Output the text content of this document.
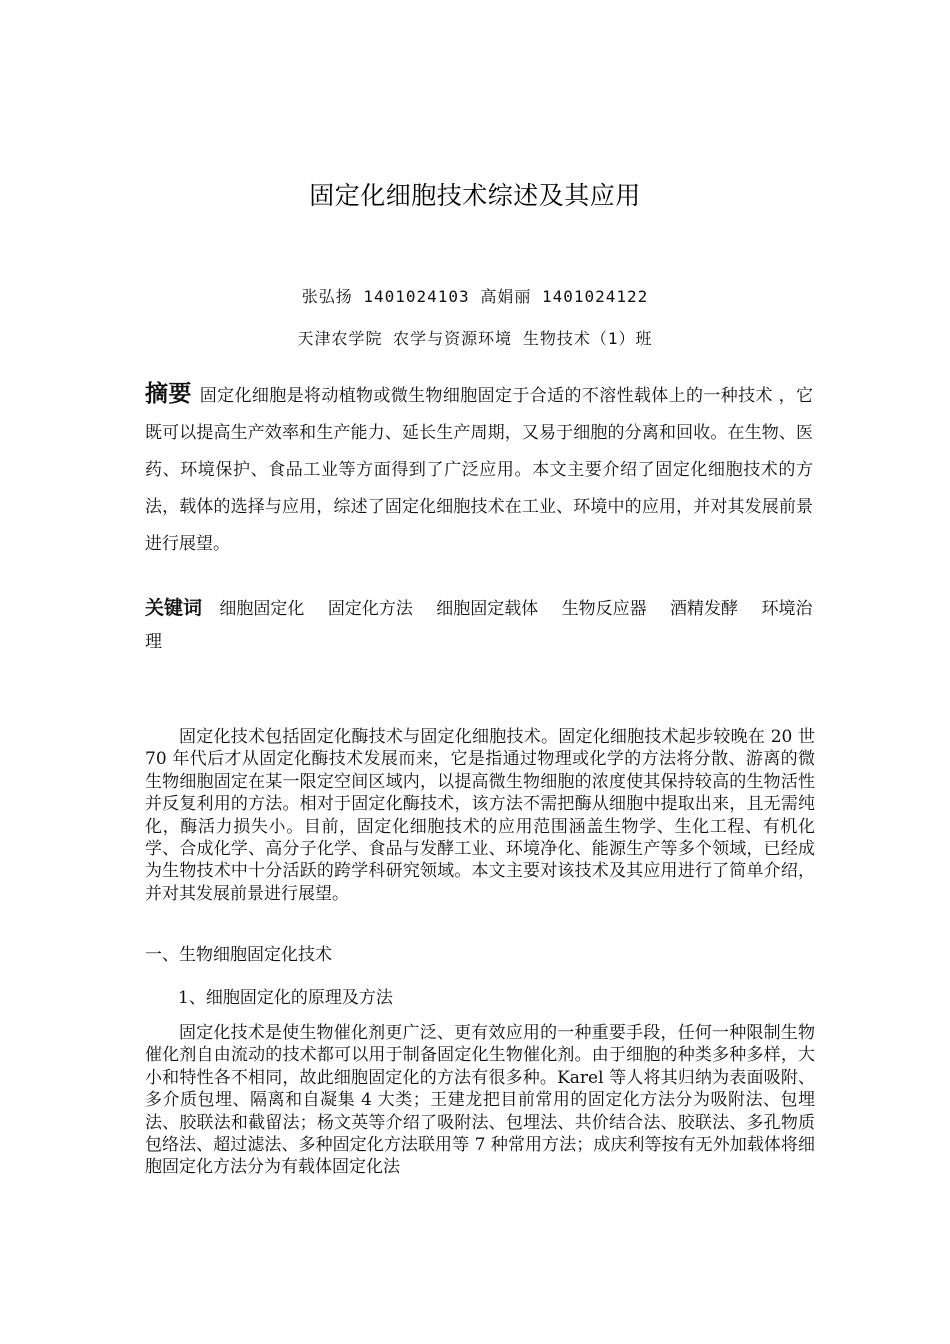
固定化细胞技术综述及其应用
张弘扬 1401024103 高娟丽 1401024122
天津农学院 农学与资源环境 生物技术（1）班
摘要 固定化细胞是将动植物或微生物细胞固定于合适的不溶性载体上的一种技术 ，它既可以提高生产效率和生产能力、延长生产周期，又易于细胞的分离和回收。在生物、医药、环境保护、食品工业等方面得到了广泛应用。本文主要介绍了固定化细胞技术的方法，载体的选择与应用，综述了固定化细胞技术在工业、环境中的应用，并对其发展前景进行展望。
关键词 细胞固定化 固定化方法 细胞固定载体 生物反应器 酒精发酵 环境治理
固定化技术包括固定化酶技术与固定化细胞技术。固定化细胞技术起步较晚在 20 世 70 年代后才从固定化酶技术发展而来，它是指通过物理或化学的方法将分散、游离的微生物细胞固定在某一限定空间区域内，以提高微生物细胞的浓度使其保持较高的生物活性并反复利用的方法。相对于固定化酶技术，该方法不需把酶从细胞中提取出来，且无需纯化，酶活力损失小。目前，固定化细胞技术的应用范围涵盖生物学、生化工程、有机化学、合成化学、高分子化学、食品与发酵工业、环境净化、能源生产等多个领域，已经成为生物技术中十分活跃的跨学科研究领域。本文主要对该技术及其应用进行了简单介绍，并对其发展前景进行展望。
一、生物细胞固定化技术
1、细胞固定化的原理及方法
固定化技术是使生物催化剂更广泛、更有效应用的一种重要手段，任何一种限制生物催化剂自由流动的技术都可以用于制备固定化生物催化剂。由于细胞的种类多种多样，大小和特性各不相同，故此细胞固定化的方法有很多种。Karel 等人将其归纳为表面吸附、多介质包埋、隔离和自凝集 4 大类；王建龙把目前常用的固定化方法分为吸附法、包埋法、胶联法和截留法；杨文英等介绍了吸附法、包埋法、共价结合法、胶联法、多孔物质包络法、超过滤法、多种固定化方法联用等 7 种常用方法；成庆利等按有无外加载体将细胞固定化方法分为有载体固定化法
